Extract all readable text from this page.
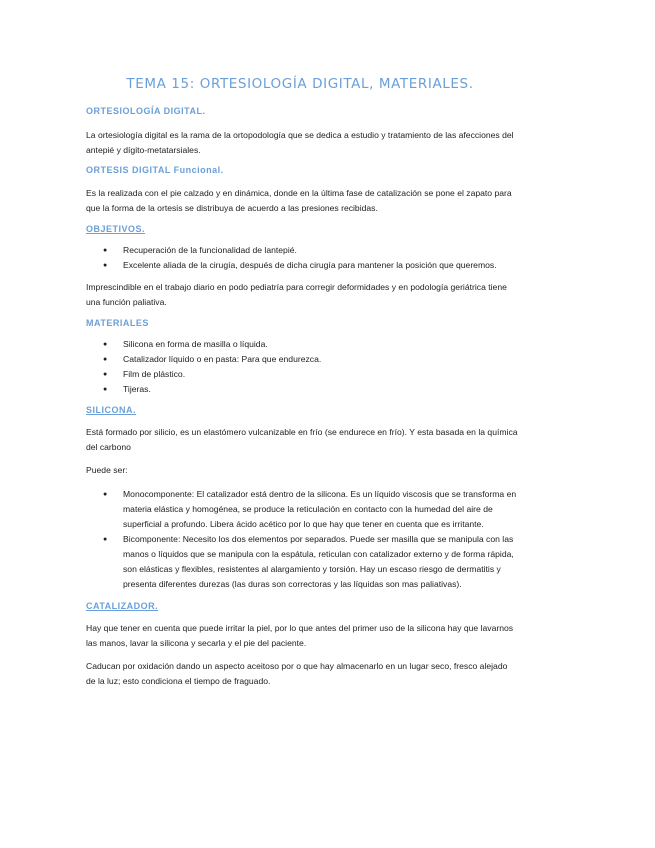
TEMA 15: ORTESIOLOGÍA DIGITAL, MATERIALES.

ORTESIOLOGÍA DIGITAL.

La ortesiología digital es la rama de la ortopodología que se dedica a estudio y tratamiento de las afecciones del antepié y dígito-metatarsiales.

ORTESIS DIGITAL Funcional.

Es la realizada con el pie calzado y en dinámica, donde en la última fase de catalización se pone el zapato para que la forma de la ortesis se distribuya de acuerdo a las presiones recibidas.

OBJETIVOS.

● Recuperación de la funcionalidad de lantepié.
● Excelente aliada de la cirugía, después de dicha cirugía para mantener la posición que queremos.

Imprescindible en el trabajo diario en podo pediatría para corregir deformidades y en podología geriátrica tiene una función paliativa.

MATERIALES

● Silicona en forma de masilla o líquida.
● Catalizador líquido o en pasta: Para que endurezca.
● Film de plástico.
● Tijeras.

SILICONA.

Está formado por silicio, es un elastómero vulcanizable en frío (se endurece en frío). Y esta basada en la química del carbono

Puede ser:

● Monocomponente: El catalizador está dentro de la silicona. Es un líquido viscosis que se transforma en materia elástica y homogénea, se produce la reticulación en contacto con la humedad del aire de superficial a profundo. Libera ácido acético por lo que hay que tener en cuenta que es irritante.
● Bicomponente: Necesito los dos elementos por separados. Puede ser masilla que se manipula con las manos o líquidos que se manipula con la espátula, reticulan con catalizador externo y de forma rápida, son elásticas y flexibles, resistentes al alargamiento y torsión. Hay un escaso riesgo de dermatitis y presenta diferentes durezas (las duras son correctoras y las líquidas son mas paliativas).

CATALIZADOR.

Hay que tener en cuenta que puede irritar la piel, por lo que antes del primer uso de la silicona hay que lavarnos las manos, lavar la silicona y secarla y el pie del paciente.

Caducan por oxidación dando un aspecto aceitoso por o que hay almacenarlo en un lugar seco, fresco alejado de la luz; esto condiciona el tiempo de fraguado.
